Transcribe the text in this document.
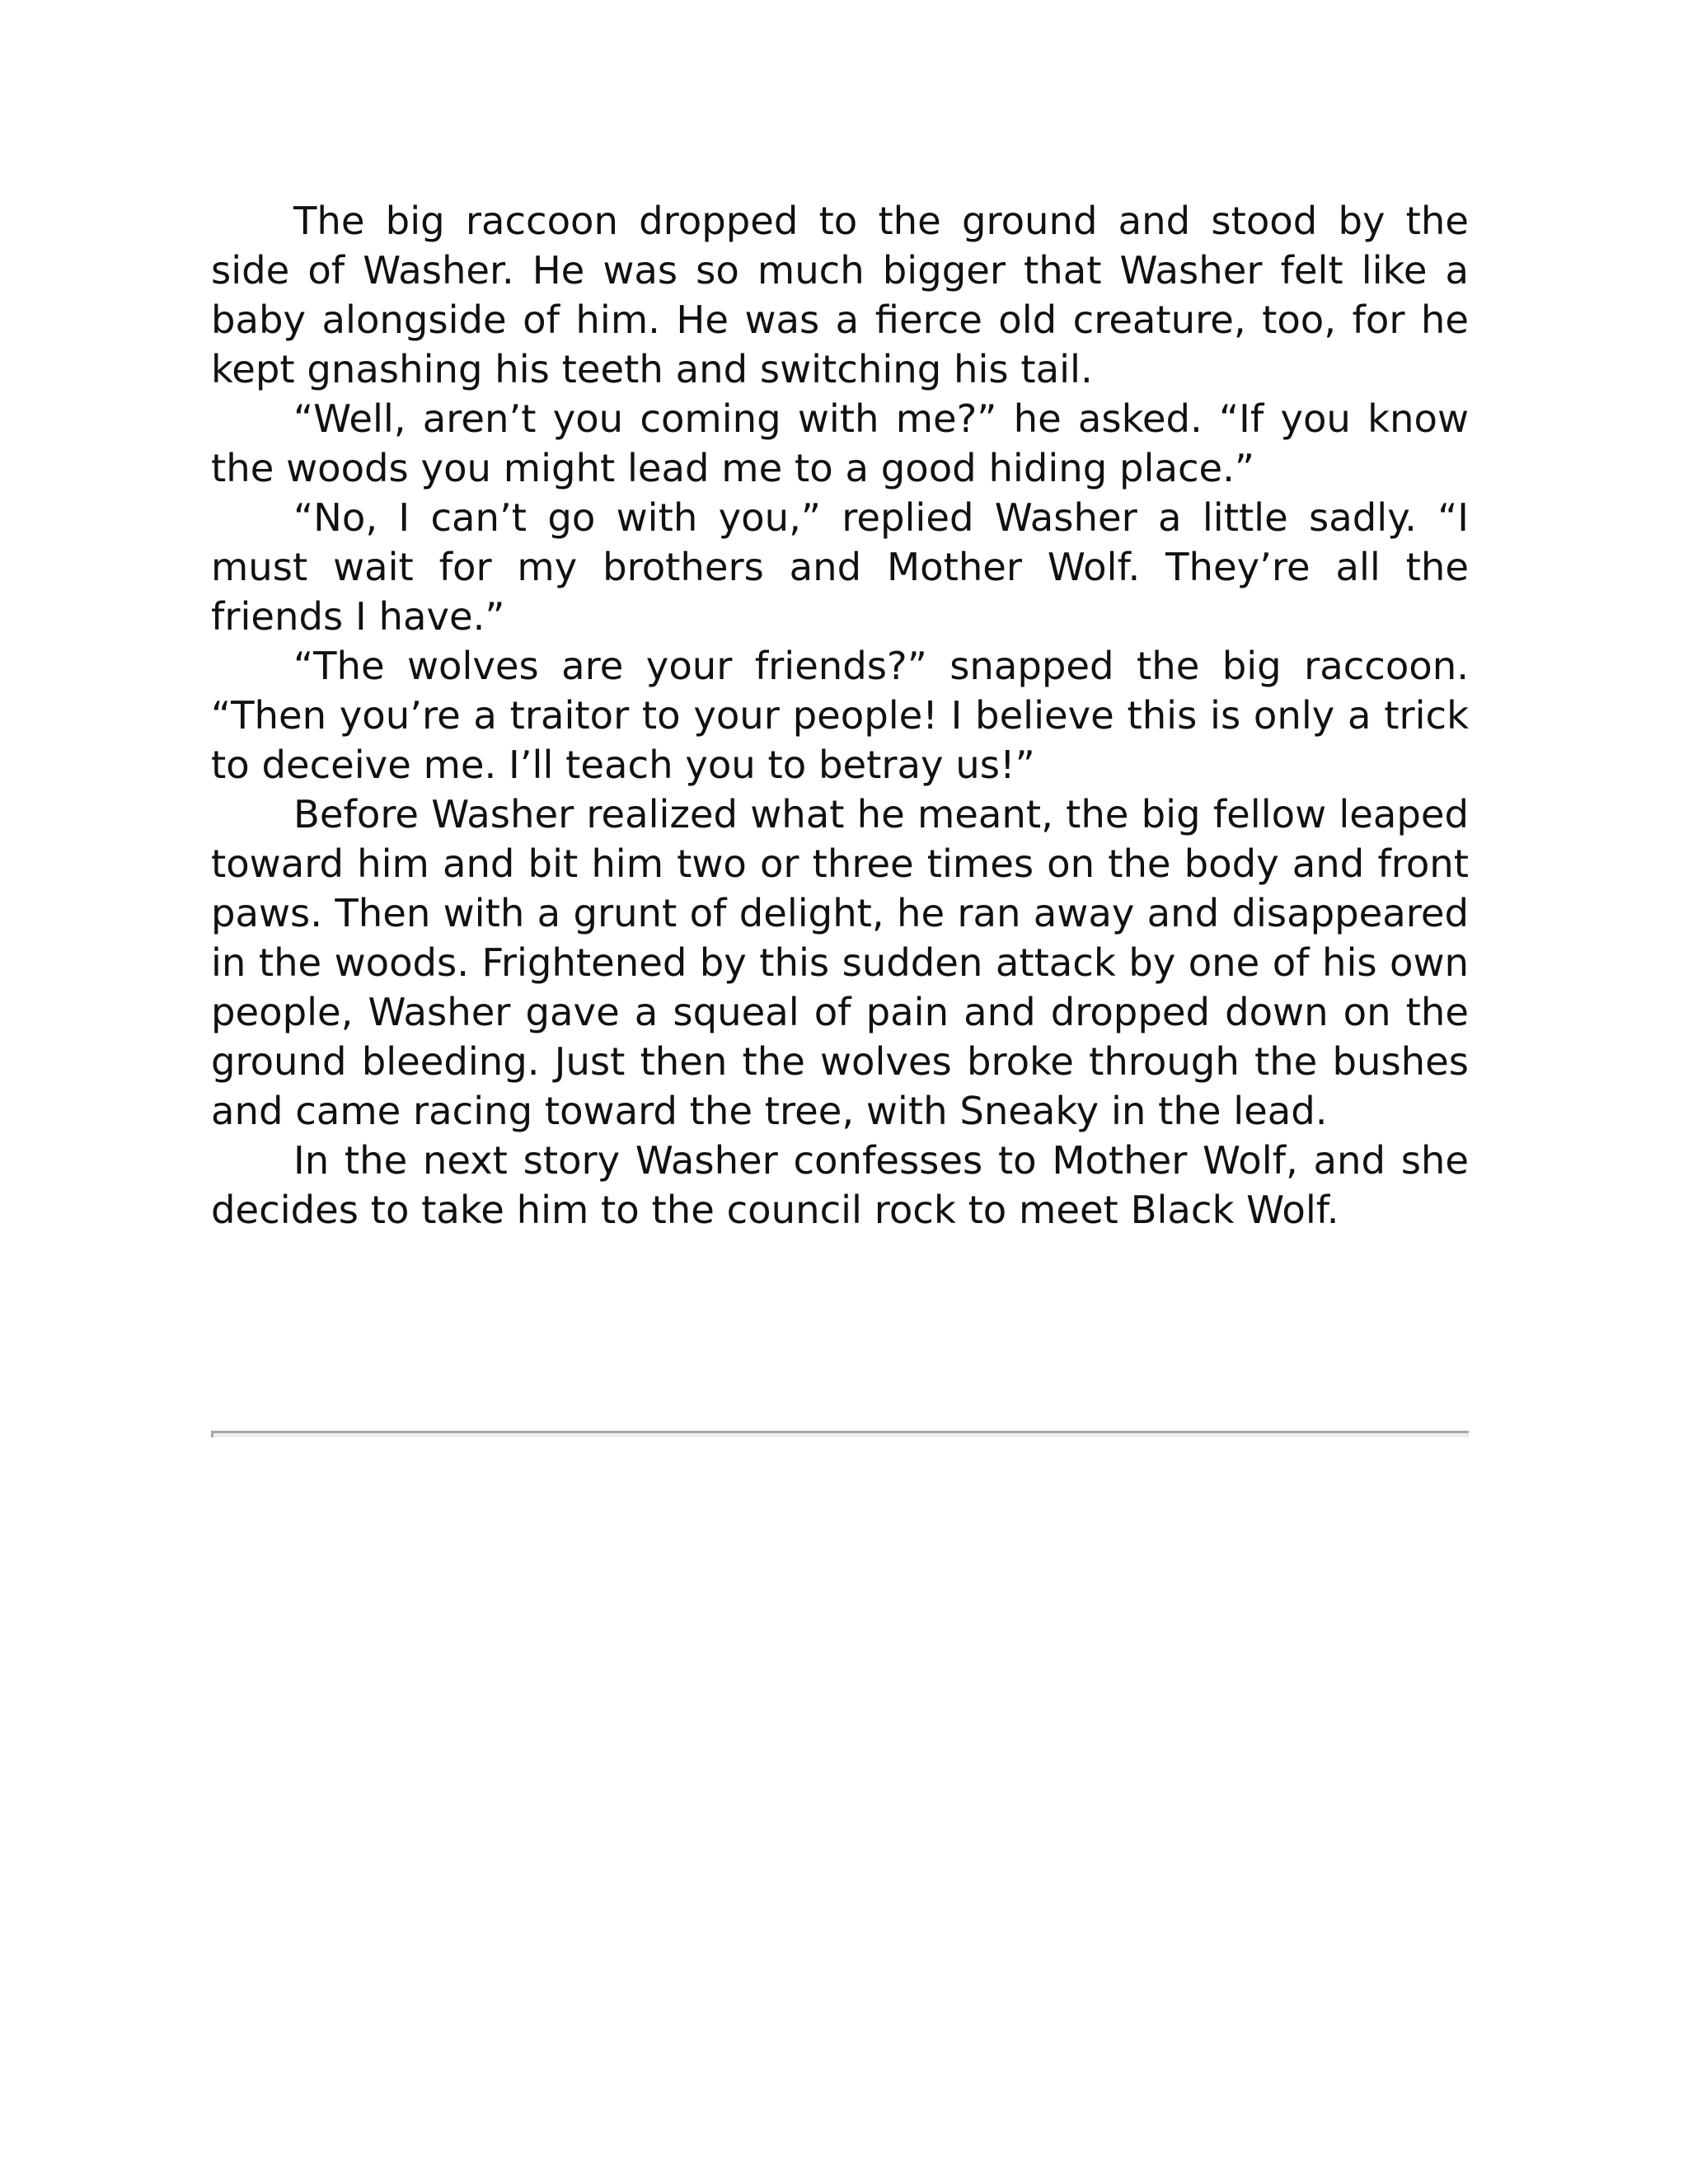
The big raccoon dropped to the ground and stood by the side of Washer. He was so much bigger that Washer felt like a baby alongside of him. He was a fierce old creature, too, for he kept gnashing his teeth and switching his tail.

“Well, aren’t you coming with me?” he asked. “If you know the woods you might lead me to a good hiding place.”

“No, I can’t go with you,” replied Washer a little sadly. “I must wait for my brothers and Mother Wolf. They’re all the friends I have.”

“The wolves are your friends?” snapped the big raccoon. “Then you’re a traitor to your people! I believe this is only a trick to deceive me. I’ll teach you to betray us!”

Before Washer realized what he meant, the big fellow leaped toward him and bit him two or three times on the body and front paws. Then with a grunt of delight, he ran away and disappeared in the woods. Frightened by this sudden attack by one of his own people, Washer gave a squeal of pain and dropped down on the ground bleeding. Just then the wolves broke through the bushes and came racing toward the tree, with Sneaky in the lead.

In the next story Washer confesses to Mother Wolf, and she decides to take him to the council rock to meet Black Wolf.
